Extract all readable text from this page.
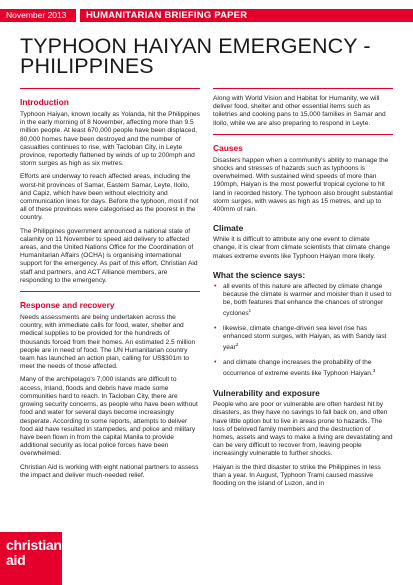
November 2013	HUMANITARIAN BRIEFING PAPER
TYPHOON HAIYAN EMERGENCY - PHILIPPINES
Introduction

Typhoon Haiyan, known locally as Yolanda, hit the Philippines in the early morning of 8 November, affecting more than 9.5 million people. At least 670,000 people have been displaced, 80,000 homes have been destroyed and the number of casualties continues to rise, with Tacloban City, in Leyte province, reportedly flattened by winds of up to 200mph and storm surges as high as six metres.

Efforts are underway to reach affected areas, including the worst-hit provinces of Samar, Eastern Samar, Leyte, Iloilo, and Capiz, which have been without electricity and communication lines for days. Before the typhoon, most if not all of these provinces were categorised as the poorest in the country.

The Philippines government announced a national state of calamity on 11 November to speed aid delivery to affected areas, and the United Nations Office for the Coordination of Humanitarian Affairs (OCHA) is organising international support for the emergency. As part of this effort, Christian Aid staff and partners, and ACT Alliance members, are responding to the emergency.

Response and recovery

Needs assessments are being undertaken across the country, with immediate calls for food, water, shelter and medical supplies to be provided for the hundreds of thousands forced from their homes. An estimated 2.5 million people are in need of food. The UN Humanitarian country team has launched an action plan, calling for US$301m to meet the needs of those affected.

Many of the archipelago's 7,000 islands are difficult to access, Inland, floods and debris have made some communities hard to reach. In Tacloban City, there are growing security concerns, as people who have been without food and water for several days become increasingly desperate. According to some reports, attempts to deliver food aid have resulted in stampedes, and police and military have been flown in from the capital Manila to provide additional security as local police forces have been overwhelmed.

Christian Aid is working with eight national partners to assess the impact and deliver much-needed relief.

Along with World Vision and Habitat for Humanity, we will deliver food, shelter and other essential items such as toiletries and cooking pans to 15,000 families in Samar and Iloilo, while we are also preparing to respond in Leyte.

Causes

Disasters happen when a community's ability to manage the shocks and stresses of hazards such as typhoons is overwhelmed. With sustained wind speeds of more than 190mph, Haiyan is the most powerful tropical cyclone to hit land in recorded history. The typhoon also brought substantial storm surges, with waves as high as 15 metres, and up to 400mm of rain.

Climate

While it is difficult to attribute any one event to climate change, it is clear from climate scientists that climate change makes extreme events like Typhoon Haiyan more likely.

What the science says:
• all events of this nature are affected by climate change because the climate is warmer and moister than it used to be, both features that enhance the chances of stronger cyclones$^1$
• likewise, climate change-driven sea level rise has enhanced storm surges, with Haiyan, as with Sandy last year$^2$
• and climate change increases the probability of the occurrence of extreme events like Typhoon Haiyan.$^3$
Vulnerability and exposure

People who are poor or vulnerable are often hardest hit by disasters, as they have no savings to fall back on, and often have little option but to live in areas prone to hazards. The loss of beloved family members and the destruction of homes, assets and ways to make a living are devastating and can be very difficult to recover from, leaving people increasingly vulnerable to further shocks.

Haiyan is the third disaster to strike the Philippines in less than a year. In August, Typhoon Trami caused massive flooding on the island of Luzon, and in

christian
aid
